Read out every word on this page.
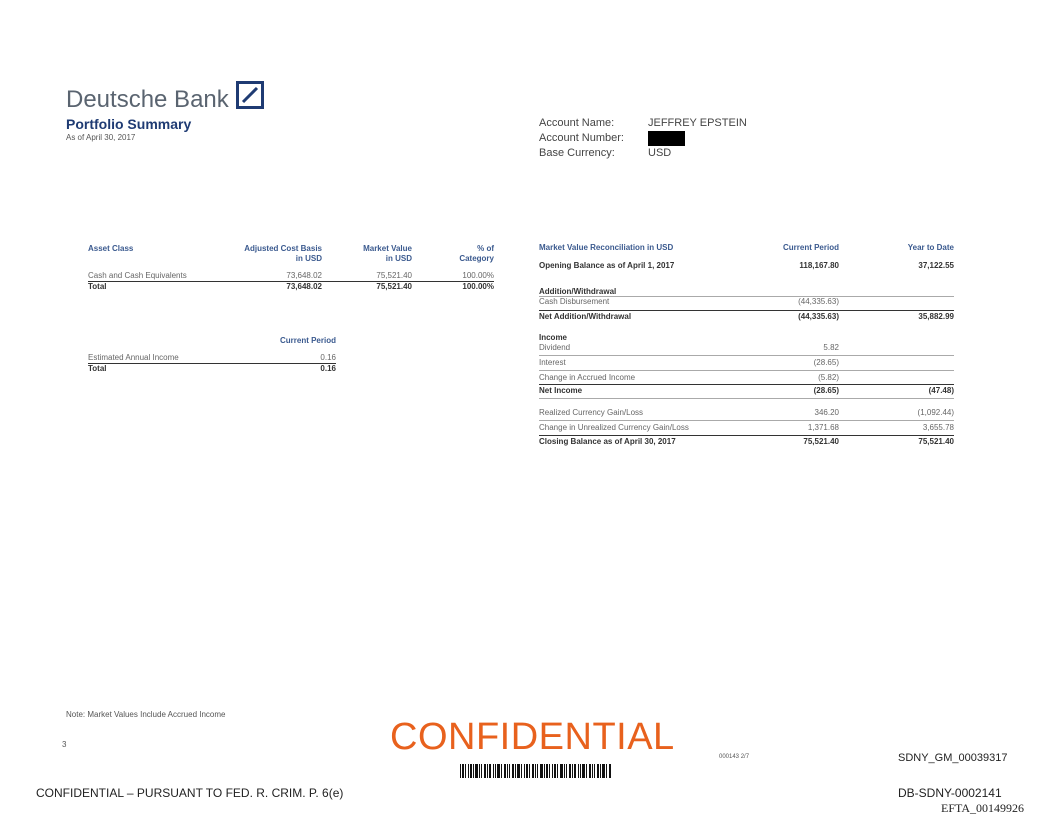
Deutsche Bank
Portfolio Summary
As of April 30, 2017
Account Name:	JEFFREY EPSTEIN
Account Number:
Base Currency:	USD
Asset Class	Adjusted Cost Basis
in USD
Market Value
in USD
% of
Category
Cash and Cash Equivalents	73,648.02	75,521.40	100.00%
Total	73,648.02	75,521.40	100.00%
Current Period
Estimated Annual Income	0.16
Total	0.16
Market Value Reconciliation in USD	Current Period	Year to Date
Opening Balance as of April 1, 2017	118,167.80	37,122.55
Addition/Withdrawal
Cash Disbursement	(44,335.63)
Net Addition/Withdrawal	(44,335.63)	35,882.99
Income
Dividend	5.82
Interest	(28.65)
Change in Accrued Income	(5.82)
Net Income	(28.65)	(47.48)
Realized Currency Gain/Loss	346.20	(1,092.44)
Change in Unrealized Currency Gain/Loss	1,371.68	3,655.78
Closing Balance as of April 30, 2017	75,521.40	75,521.40
Note: Market Values Include Accrued Income
3	CONFIDENTIAL	000143 2/7	SDNY_GM_00039317
CONFIDENTIAL – PURSUANT TO FED. R. CRIM. P. 6(e)	DB-SDNY-0002141
EFTA_00149926
